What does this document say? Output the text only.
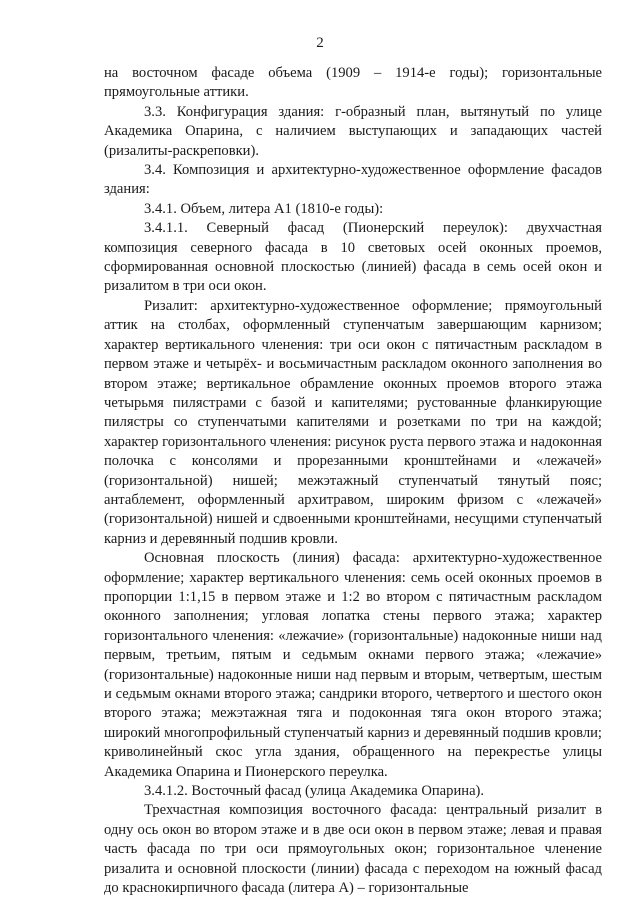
2

на восточном фасаде объема (1909 – 1914-е годы); горизонтальные прямоугольные аттики.

3.3. Конфигурация здания: г-образный план, вытянутый по улице Академика Опарина, с наличием выступающих и западающих частей (ризалиты-раскреповки).

3.4. Композиция и архитектурно-художественное оформление фасадов здания:

3.4.1. Объем, литера А1 (1810-е годы):

3.4.1.1. Северный фасад (Пионерский переулок): двухчастная композиция северного фасада в 10 световых осей оконных проемов, сформированная основной плоскостью (линией) фасада в семь осей окон и ризалитом в три оси окон.

Ризалит: архитектурно-художественное оформление; прямоугольный аттик на столбах, оформленный ступенчатым завершающим карнизом; характер вертикального членения: три оси окон с пятичастным раскладом в первом этаже и четырёх- и восьмичастным раскладом оконного заполнения во втором этаже; вертикальное обрамление оконных проемов второго этажа четырьмя пилястрами с базой и капителями; рустованные фланкирующие пилястры со ступенчатыми капителями и розетками по три на каждой; характер горизонтального членения: рисунок руста первого этажа и надоконная полочка с консолями и прорезанными кронштейнами и «лежачей» (горизонтальной) нишей; межэтажный ступенчатый тянутый пояс; антаблемент, оформленный архитравом, широким фризом с «лежачей» (горизонтальной) нишей и сдвоенными кронштейнами, несущими ступенчатый карниз и деревянный подшив кровли.

Основная плоскость (линия) фасада: архитектурно-художественное оформление; характер вертикального членения: семь осей оконных проемов в пропорции 1:1,15 в первом этаже и 1:2 во втором с пятичастным раскладом оконного заполнения; угловая лопатка стены первого этажа; характер горизонтального членения: «лежачие» (горизонтальные) надоконные ниши над первым, третьим, пятым и седьмым окнами первого этажа; «лежачие» (горизонтальные) надоконные ниши над первым и вторым, четвертым, шестым и седьмым окнами второго этажа; сандрики второго, четвертого и шестого окон второго этажа; межэтажная тяга и подоконная тяга окон второго этажа; широкий многопрофильный ступенчатый карниз и деревянный подшив кровли; криволинейный скос угла здания, обращенного на перекрестье улицы Академика Опарина и Пионерского переулка.

3.4.1.2. Восточный фасад (улица Академика Опарина).

Трехчастная композиция восточного фасада: центральный ризалит в одну ось окон во втором этаже и в две оси окон в первом этаже; левая и правая часть фасада по три оси прямоугольных окон; горизонтальное членение ризалита и основной плоскости (линии) фасада с переходом на южный фасад до краснокирпичного фасада (литера А) – горизонтальные
